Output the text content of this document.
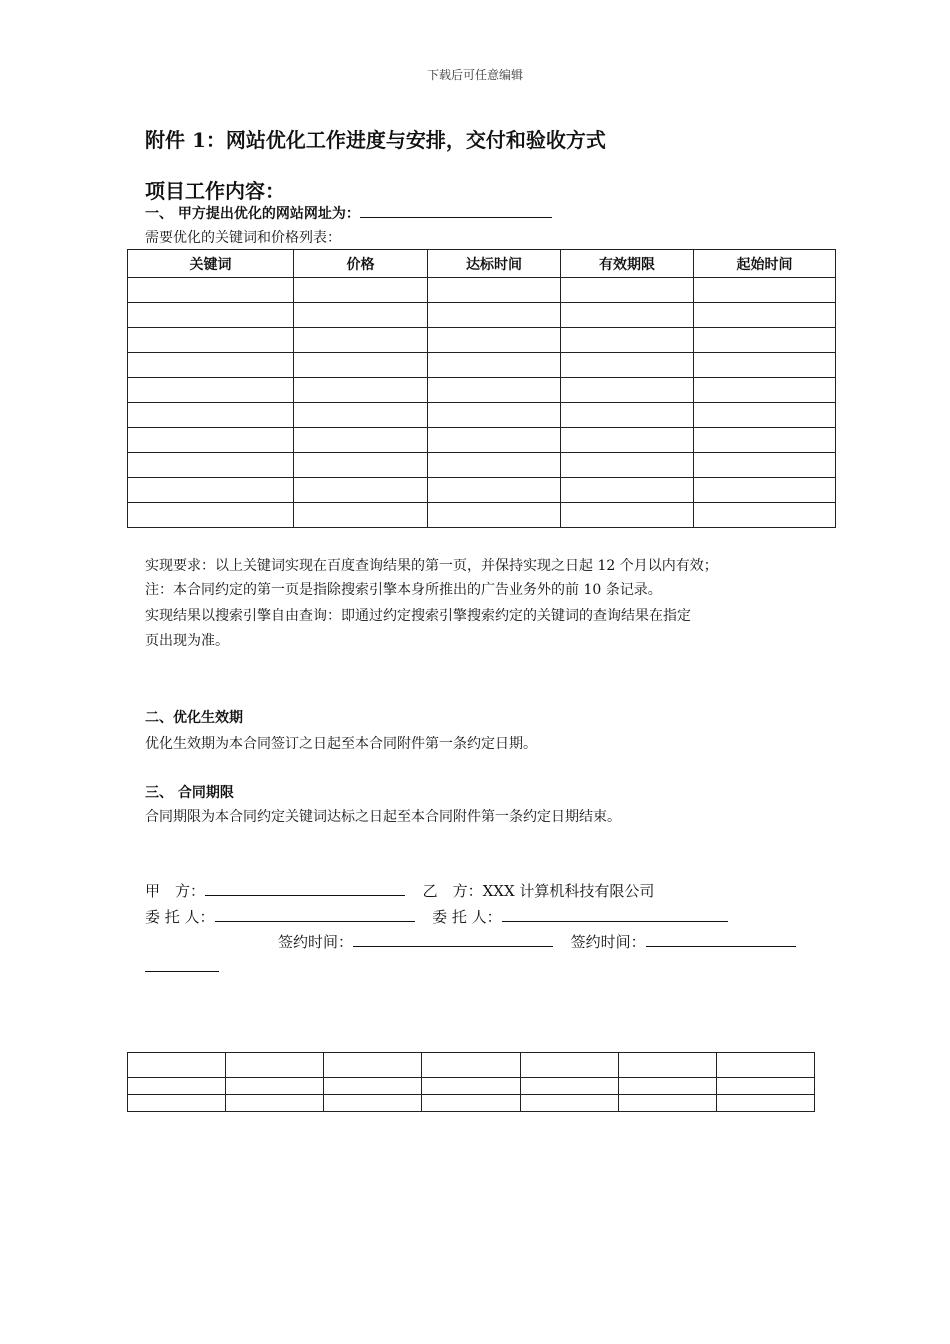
下载后可任意编辑
附件 1：网站优化工作进度与安排，交付和验收方式
项目工作内容：
一、 甲方提出优化的网站网址为：
需要优化的关键词和价格列表：
关键词	价格	达标时间	有效期限	起始时间

实现要求：以上关键词实现在百度查询结果的第一页，并保持实现之日起 12 个月以内有效；
注：本合同约定的第一页是指除搜索引擎本身所推出的广告业务外的前 10 条记录。
实现结果以搜索引擎自由查询：即通过约定搜索引擎搜索约定的关键词的查询结果在指定
页出现为准。
二、优化生效期
优化生效期为本合同签订之日起至本合同附件第一条约定日期。
三、 合同期限
合同期限为本合同约定关键词达标之日起至本合同附件第一条约定日期结束。
甲　方：	乙　方：XXX 计算机科技有限公司
委 托 人：	委 托 人：
签约时间：	签约时间：
